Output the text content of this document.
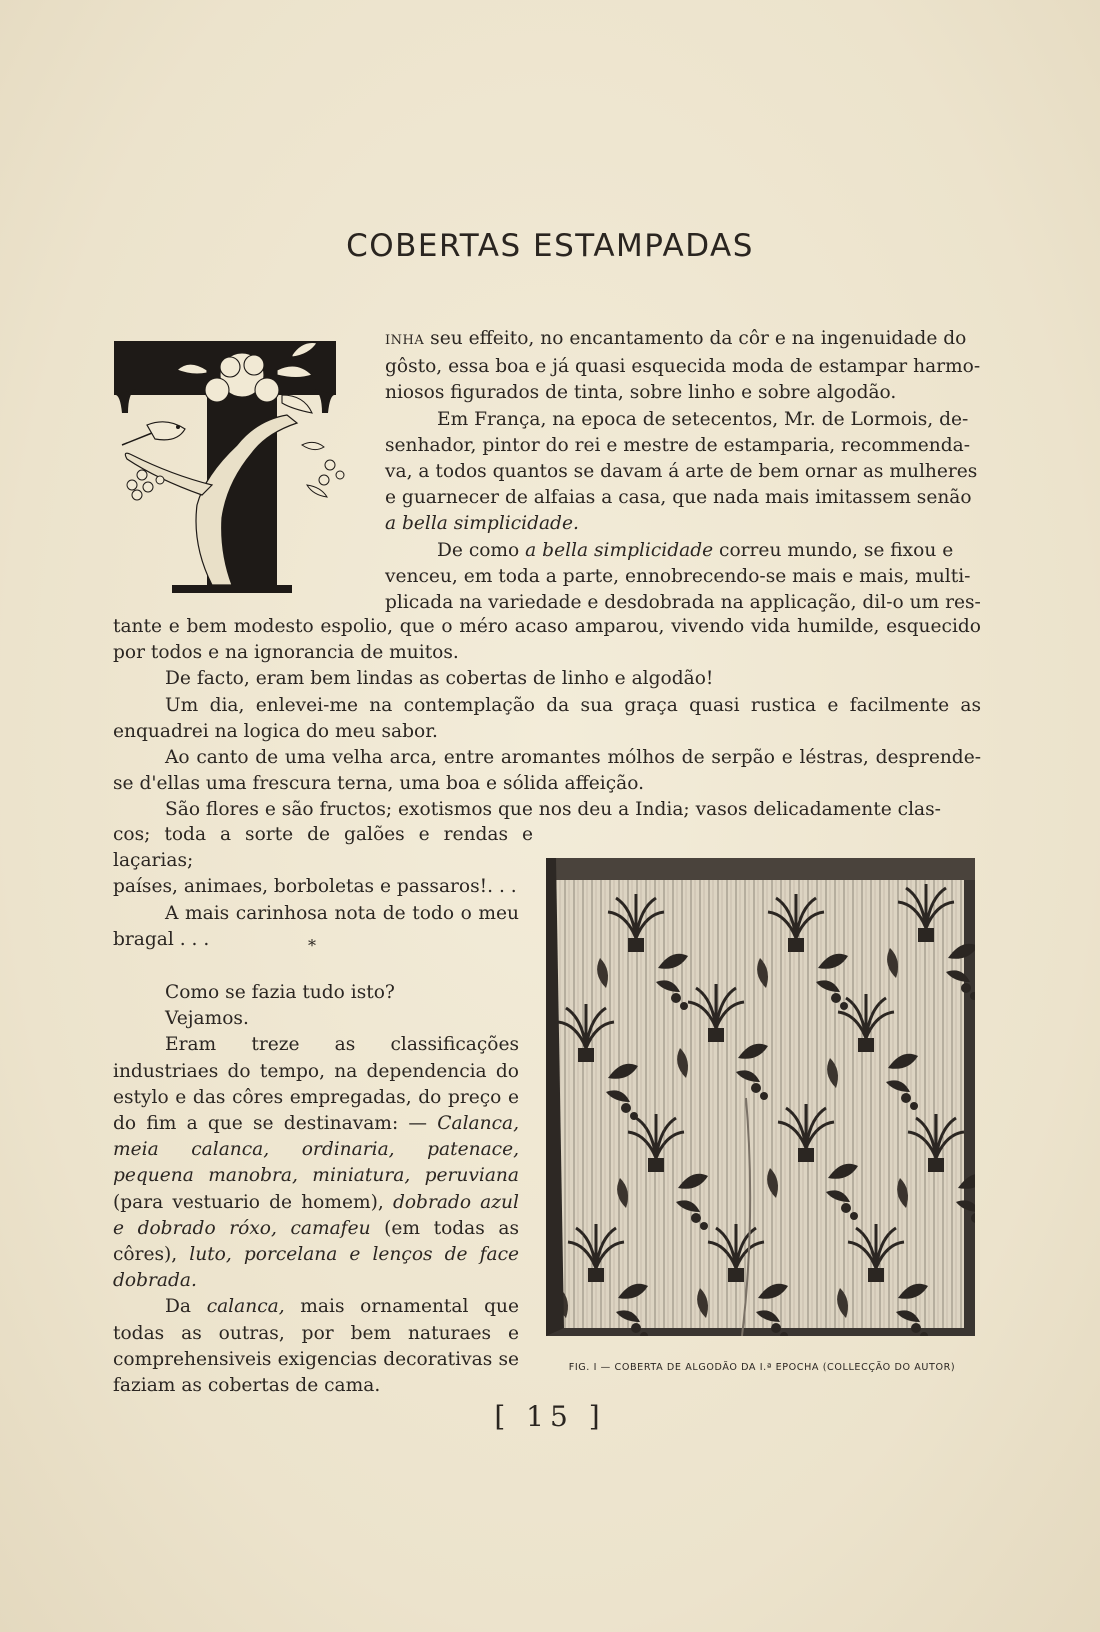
COBERTAS ESTAMPADAS

INHA seu effeito, no encantamento da côr e na ingenuidade do

gôsto, essa boa e já quasi esquecida moda de estampar harmo-

niosos figurados de tinta, sobre linho e sobre algodão.

Em França, na epoca de setecentos, Mr. de Lormois, de-

senhador, pintor do rei e mestre de estamparia, recommenda-

va, a todos quantos se davam á arte de bem ornar as mulheres

e guarnecer de alfaias a casa, que nada mais imitassem senão

a bella simplicidade.

De como a bella simplicidade correu mundo, se fixou e

venceu, em toda a parte, ennobrecendo-se mais e mais, multi-

plicada na variedade e desdobrada na applicação, dil-o um res-

tante e bem modesto espolio, que o méro acaso amparou, vivendo vida humilde, esquecido por todos e na ignorancia de muitos.

De facto, eram bem lindas as cobertas de linho e algodão!

Um dia, enlevei-me na contemplação da sua graça quasi rustica e facilmente as enquadrei na logica do meu sabor.

Ao canto de uma velha arca, entre aromantes mólhos de serpão e léstras, desprende-se d'ellas uma frescura terna, uma boa e sólida affeição.

São flores e são fructos; exotismos que nos deu a India; vasos delicadamente clas-

cos; toda a sorte de galões e rendas e laçarias;

países, animaes, borboletas e passaros!. . .

A mais carinhosa nota de todo o meu bragal . . .	*

Como se fazia tudo isto?

Vejamos.

Eram treze as classificações industriaes do tempo, na dependencia do estylo e das côres empregadas, do preço e do fim a que se destinavam: — Calanca, meia calanca, ordinaria, patenace, pequena manobra, miniatura, peruviana (para vestuario de homem), dobrado azul e dobrado róxo, camafeu (em todas as côres), luto, porcelana e lenços de face dobrada.

Da calanca, mais ornamental que todas as outras, por bem naturaes e comprehensiveis exigencias decorativas se faziam as cobertas de cama.

FIG. I — COBERTA DE ALGODÃO DA I.ª EPOCHA (COLLECÇÃO DO AUTOR)
[ 15 ]
